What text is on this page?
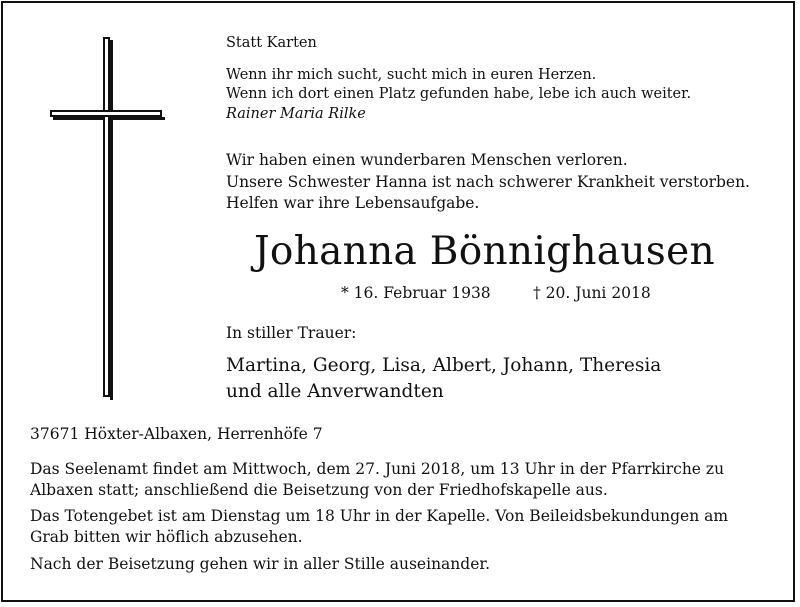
Statt Karten
Wenn ihr mich sucht, sucht mich in euren Herzen.
Wenn ich dort einen Platz gefunden habe, lebe ich auch weiter.
Rainer Maria Rilke
Wir haben einen wunderbaren Menschen verloren.
Unsere Schwester Hanna ist nach schwerer Krankheit verstorben.
Helfen war ihre Lebensaufgabe.
Johanna Bönnighausen
* 16. Februar 1938	† 20. Juni 2018
In stiller Trauer:
Martina, Georg, Lisa, Albert, Johann, Theresia
und alle Anverwandten
37671 Höxter-Albaxen, Herrenhöfe 7
Das Seelenamt findet am Mittwoch, dem 27. Juni 2018, um 13 Uhr in der Pfarrkirche zu
Albaxen statt; anschließend die Beisetzung von der Friedhofskapelle aus.
Das Totengebet ist am Dienstag um 18 Uhr in der Kapelle. Von Beileidsbekundungen am
Grab bitten wir höflich abzusehen.
Nach der Beisetzung gehen wir in aller Stille auseinander.
